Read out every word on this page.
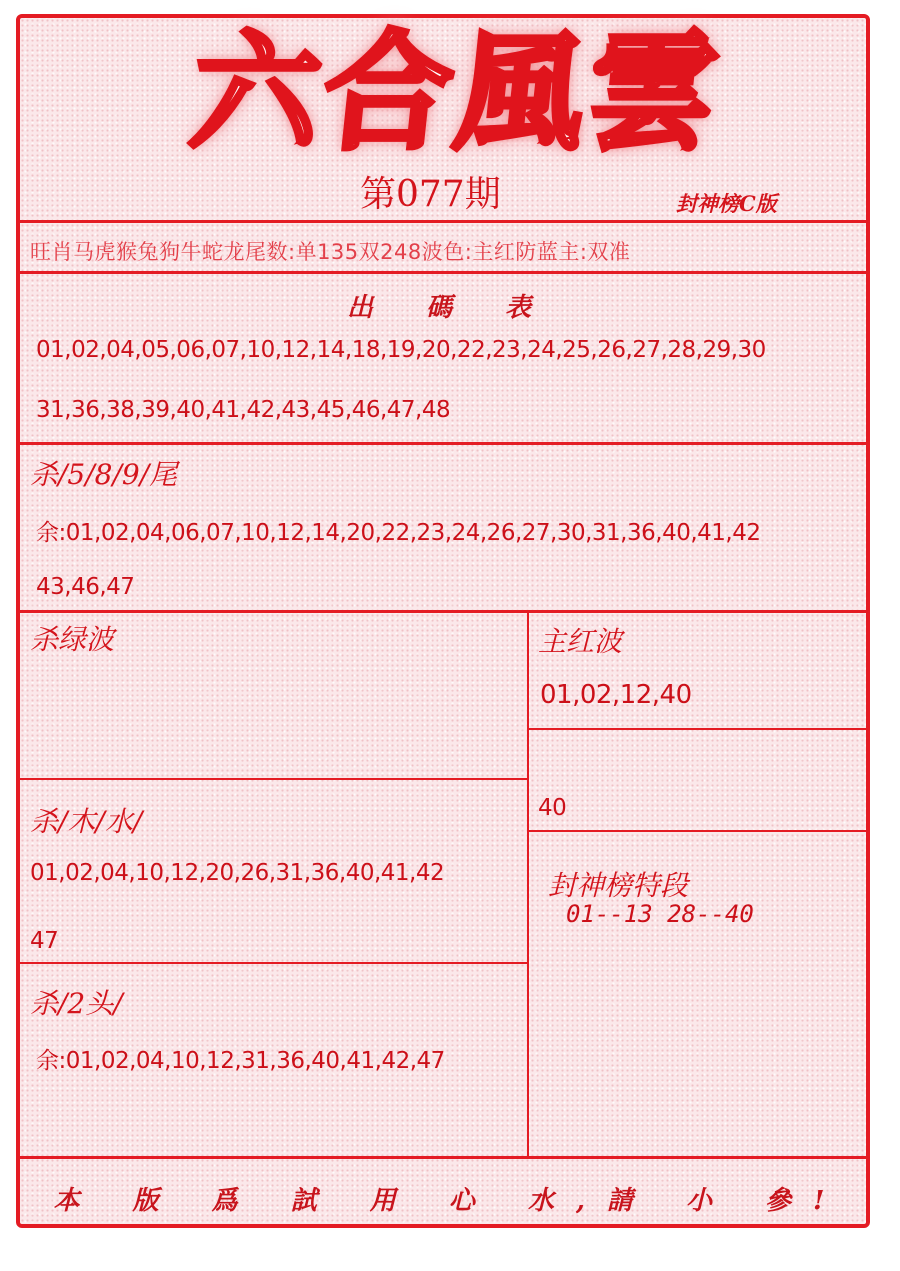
六合風雲
第077期	封神榜C版
旺肖马虎猴兔狗牛蛇龙尾数:单135双248波色:主红防蓝主:双准
出 碼 表
01,02,04,05,06,07,10,12,14,18,19,20,22,23,24,25,26,27,28,29,30
31,36,38,39,40,41,42,43,45,46,47,48
杀/5/8/9/尾
余:01,02,04,06,07,10,12,14,20,22,23,24,26,27,30,31,36,40,41,42
43,46,47
杀绿波
杀/木/水/
01,02,04,10,12,20,26,31,36,40,41,42
47
杀/2头/
余:01,02,04,10,12,31,36,40,41,42,47
主红波
01,02,12,40
40
封神榜特段
01--13 28--40
本 版 爲 試 用 心 水,請 小 參!
